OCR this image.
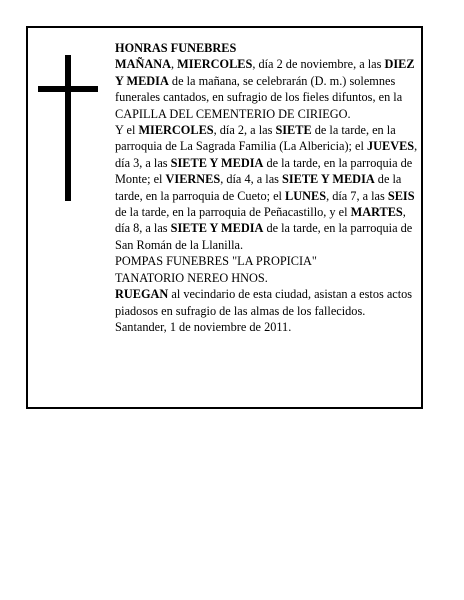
HONRAS FUNEBRES

MAÑANA, MIERCOLES, día 2 de noviembre, a las DIEZ Y MEDIA de la mañana, se celebrarán (D. m.) solemnes funerales cantados, en sufragio de los fieles difuntos, en la

CAPILLA DEL CEMENTERIO DE CIRIEGO.

Y el MIERCOLES, día 2, a las SIETE de la tarde, en la parroquia de La Sagrada Familia (La Albericia); el JUEVES, día 3, a las SIETE Y MEDIA de la tarde, en la parroquia de Monte; el VIERNES, día 4, a las SIETE Y MEDIA de la tarde, en la parroquia de Cueto; el LUNES, día 7, a las SEIS de la tarde, en la parroquia de Peñacastillo, y el MARTES, día 8, a las SIETE Y MEDIA de la tarde, en la parroquia de San Román de la Llanilla.

POMPAS FUNEBRES "LA PROPICIA"

TANATORIO NEREO HNOS.

RUEGAN al vecindario de esta ciudad, asistan a estos actos piadosos en sufragio de las almas de los fallecidos.

Santander, 1 de noviembre de 2011.
